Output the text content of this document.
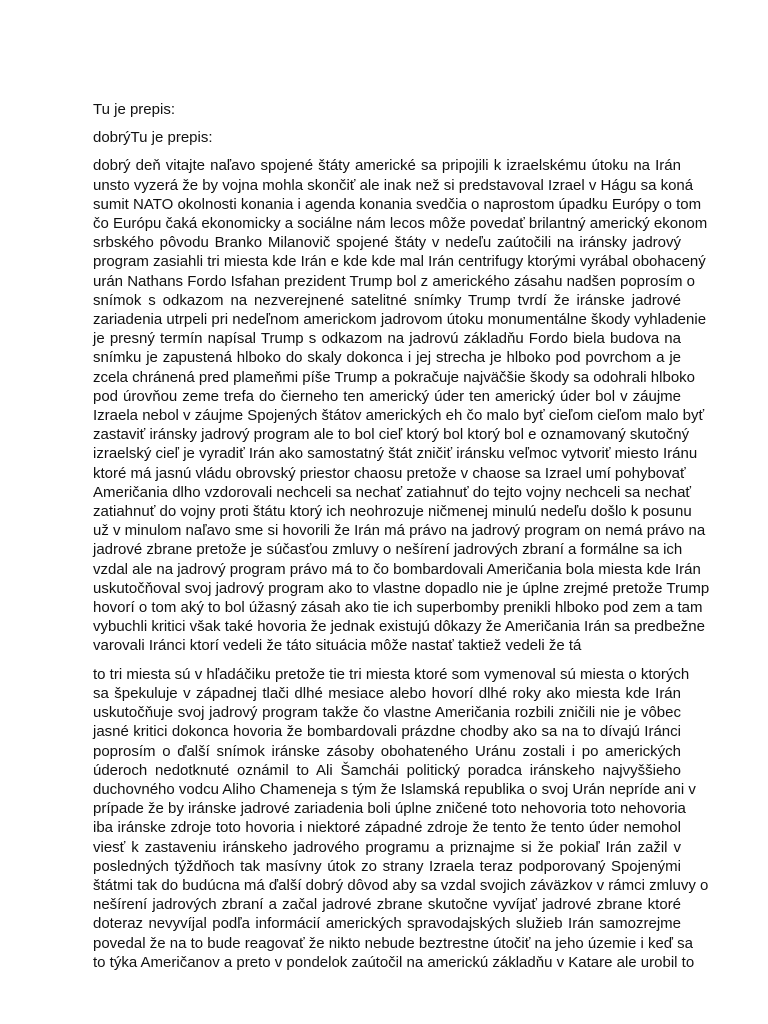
Tu je prepis:
dobrýTu je prepis:
dobrý deň vitajte naľavo spojené štáty americké sa pripojili k izraelskému útoku na Irán
unsto vyzerá že by vojna mohla skončiť ale inak než si predstavoval Izrael v Hágu sa koná
sumit NATO okolnosti konania i agenda konania svedčia o naprostom úpadku Európy o tom
čo Európu čaká ekonomicky a sociálne nám lecos môže povedať brilantný americký ekonom
srbského pôvodu Branko Milanovič spojené štáty v nedeľu zaútočili na iránsky jadrový
program zasiahli tri miesta kde Irán e kde kde mal Irán centrifugy ktorými vyrábal obohacený
urán Nathans Fordo Isfahan prezident Trump bol z amerického zásahu nadšen poprosím o
snímok s odkazom na nezverejnené satelitné snímky Trump tvrdí že iránske jadrové
zariadenia utrpeli pri nedeľnom americkom jadrovom útoku monumentálne škody vyhladenie
je presný termín napísal Trump s odkazom na jadrovú základňu Fordo biela budova na
snímku je zapustená hlboko do skaly dokonca i jej strecha je hlboko pod povrchom a je
zcela chránená pred plameňmi píše Trump a pokračuje najväčšie škody sa odohrali hlboko
pod úrovňou zeme trefa do čierneho ten americký úder ten americký úder bol v záujme
Izraela nebol v záujme Spojených štátov amerických eh čo malo byť cieľom cieľom malo byť
zastaviť iránsky jadrový program ale to bol cieľ ktorý bol ktorý bol e oznamovaný skutočný
izraelský cieľ je vyradiť Irán ako samostatný štát zničiť iránsku veľmoc vytvoriť miesto Iránu
ktoré má jasnú vládu obrovský priestor chaosu pretože v chaose sa Izrael umí pohybovať
Američania dlho vzdorovali nechceli sa nechať zatiahnuť do tejto vojny nechceli sa nechať
zatiahnuť do vojny proti štátu ktorý ich neohrozuje ničmenej minulú nedeľu došlo k posunu
už v minulom naľavo sme si hovorili že Irán má právo na jadrový program on nemá právo na
jadrové zbrane pretože je súčasťou zmluvy o nešírení jadrových zbraní a formálne sa ich
vzdal ale na jadrový program právo má to čo bombardovali Američania bola miesta kde Irán
uskutočňoval svoj jadrový program ako to vlastne dopadlo nie je úplne zrejmé pretože Trump
hovorí o tom aký to bol úžasný zásah ako tie ich superbomby prenikli hlboko pod zem a tam
vybuchli kritici však také hovoria že jednak existujú dôkazy že Američania Irán sa predbežne
varovali Iránci ktorí vedeli že táto situácia môže nastať taktiež vedeli že tá
to tri miesta sú v hľadáčiku pretože tie tri miesta ktoré som vymenoval sú miesta o ktorých
sa špekuluje v západnej tlači dlhé mesiace alebo hovorí dlhé roky ako miesta kde Irán
uskutočňuje svoj jadrový program takže čo vlastne Američania rozbili zničili nie je vôbec
jasné kritici dokonca hovoria že bombardovali prázdne chodby ako sa na to dívajú Iránci
poprosím o ďalší snímok iránske zásoby obohateného Uránu zostali i po amerických
úderoch nedotknuté oznámil to Ali Šamchái politický poradca iránskeho najvyššieho
duchovného vodcu Aliho Chameneja s tým že Islamská republika o svoj Urán nepríde ani v
prípade že by iránske jadrové zariadenia boli úplne zničené toto nehovoria toto nehovoria
iba iránske zdroje toto hovoria i niektoré západné zdroje že tento že tento úder nemohol
viesť k zastaveniu iránskeho jadrového programu a priznajme si že pokiaľ Irán zažil v
posledných týždňoch tak masívny útok zo strany Izraela teraz podporovaný Spojenými
štátmi tak do budúcna má ďalší dobrý dôvod aby sa vzdal svojich záväzkov v rámci zmluvy o
nešírení jadrových zbraní a začal jadrové zbrane skutočne vyvíjať jadrové zbrane ktoré
doteraz nevyvíjal podľa informácií amerických spravodajských služieb Irán samozrejme
povedal že na to bude reagovať že nikto nebude beztrestne útočiť na jeho územie i keď sa
to týka Američanov a preto v pondelok zaútočil na americkú základňu v Katare ale urobil to
